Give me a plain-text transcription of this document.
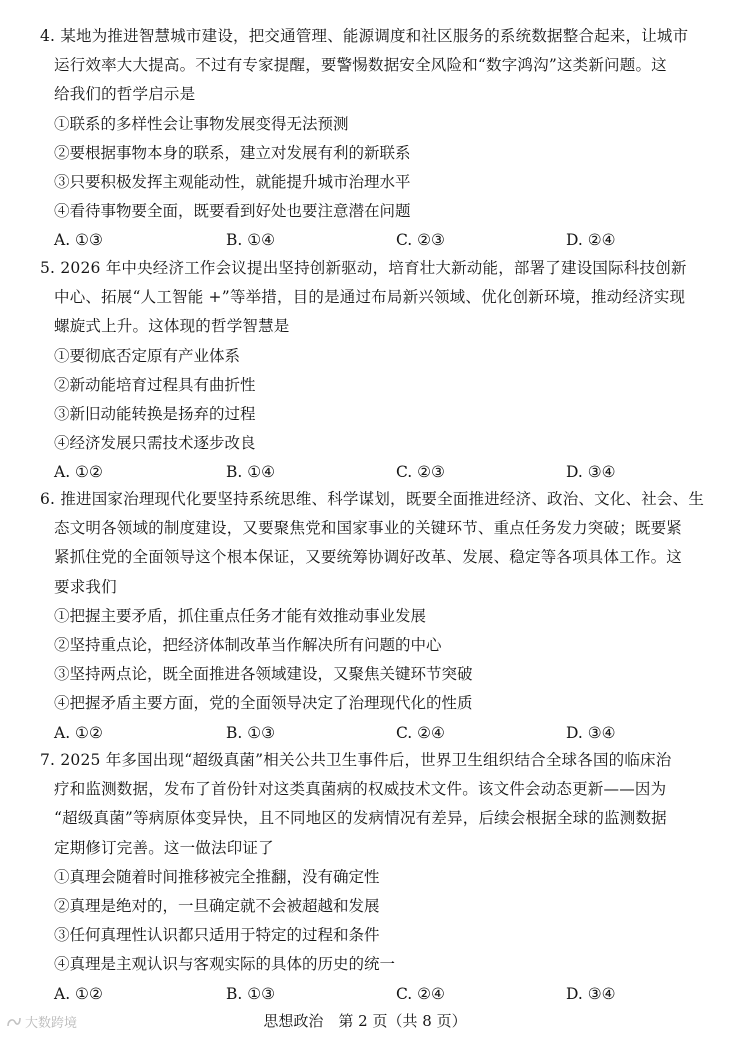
4. 某地为推进智慧城市建设，把交通管理、能源调度和社区服务的系统数据整合起来，让城市
运行效率大大提高。不过有专家提醒，要警惕数据安全风险和“数字鸿沟”这类新问题。这
给我们的哲学启示是
①联系的多样性会让事物发展变得无法预测
②要根据事物本身的联系，建立对发展有利的新联系
③只要积极发挥主观能动性，就能提升城市治理水平
④看待事物要全面，既要看到好处也要注意潜在问题
A. ①③	B. ①④	C. ②③	D. ②④
5. 2026 年中央经济工作会议提出坚持创新驱动，培育壮大新动能，部署了建设国际科技创新
中心、拓展“人工智能 +”等举措，目的是通过布局新兴领域、优化创新环境，推动经济实现
螺旋式上升。这体现的哲学智慧是
①要彻底否定原有产业体系
②新动能培育过程具有曲折性
③新旧动能转换是扬弃的过程
④经济发展只需技术逐步改良
A. ①②	B. ①④	C. ②③	D. ③④
6. 推进国家治理现代化要坚持系统思维、科学谋划，既要全面推进经济、政治、文化、社会、生
态文明各领域的制度建设，又要聚焦党和国家事业的关键环节、重点任务发力突破；既要紧
紧抓住党的全面领导这个根本保证，又要统筹协调好改革、发展、稳定等各项具体工作。这
要求我们
①把握主要矛盾，抓住重点任务才能有效推动事业发展
②坚持重点论，把经济体制改革当作解决所有问题的中心
③坚持两点论，既全面推进各领域建设，又聚焦关键环节突破
④把握矛盾主要方面，党的全面领导决定了治理现代化的性质
A. ①②	B. ①③	C. ②④	D. ③④
7. 2025 年多国出现“超级真菌”相关公共卫生事件后，世界卫生组织结合全球各国的临床治
疗和监测数据，发布了首份针对这类真菌病的权威技术文件。该文件会动态更新——因为
“超级真菌”等病原体变异快，且不同地区的发病情况有差异，后续会根据全球的监测数据
定期修订完善。这一做法印证了
①真理会随着时间推移被完全推翻，没有确定性
②真理是绝对的，一旦确定就不会被超越和发展
③任何真理性认识都只适用于特定的过程和条件
④真理是主观认识与客观实际的具体的历史的统一
A. ①②	B. ①③	C. ②④	D. ③④
大数跨境	思想政治　第 2 页（共 8 页）
